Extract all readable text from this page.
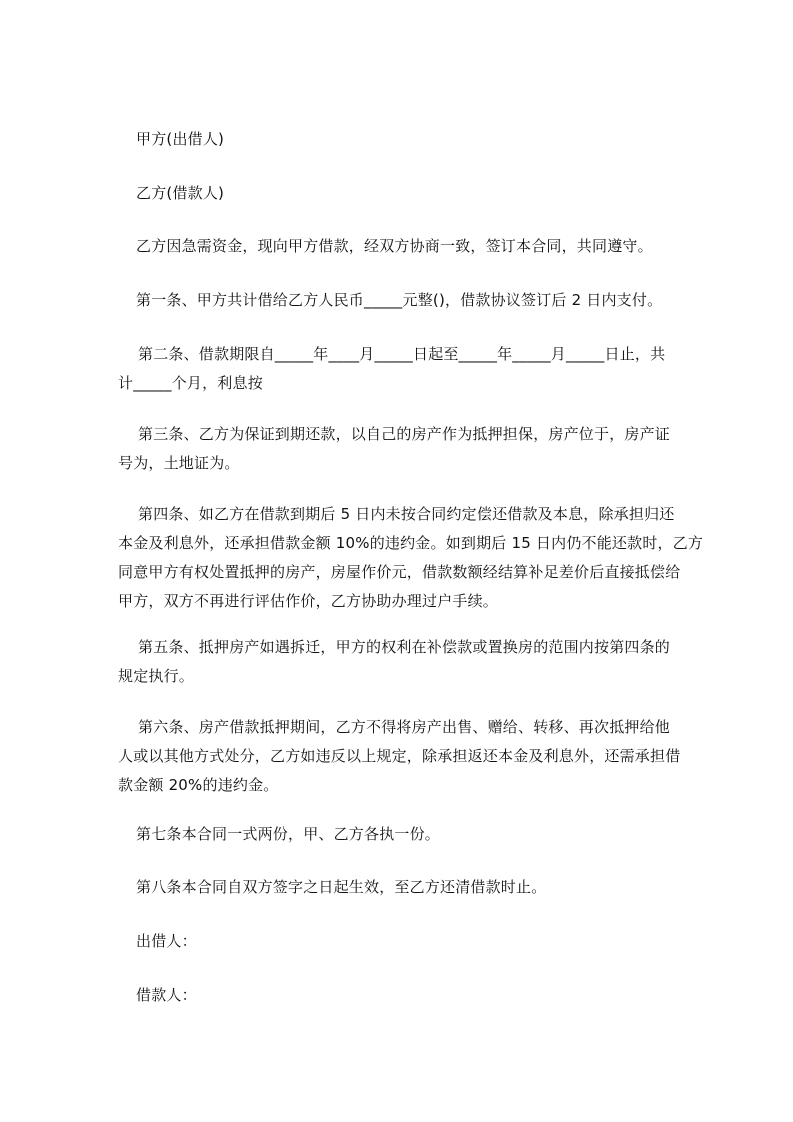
甲方(出借人)

乙方(借款人)

乙方因急需资金，现向甲方借款，经双方协商一致，签订本合同，共同遵守。

第一条、甲方共计借给乙方人民币_____元整()，借款协议签订后 2 日内支付。

第二条、借款期限自_____年____月_____日起至_____年_____月_____日止，共
计_____个月，利息按
第三条、乙方为保证到期还款，以自己的房产作为抵押担保，房产位于，房产证
号为，土地证为。
第四条、如乙方在借款到期后 5 日内未按合同约定偿还借款及本息，除承担归还
本金及利息外，还承担借款金额 10%的违约金。如到期后 15 日内仍不能还款时，乙方
同意甲方有权处置抵押的房产，房屋作价元，借款数额经结算补足差价后直接抵偿给
甲方，双方不再进行评估作价，乙方协助办理过户手续。
第五条、抵押房产如遇拆迁，甲方的权利在补偿款或置换房的范围内按第四条的
规定执行。
第六条、房产借款抵押期间，乙方不得将房产出售、赠给、转移、再次抵押给他
人或以其他方式处分，乙方如违反以上规定，除承担返还本金及利息外，还需承担借
款金额 20%的违约金。

第七条本合同一式两份，甲、乙方各执一份。

第八条本合同自双方签字之日起生效，至乙方还清借款时止。

出借人：

借款人：
